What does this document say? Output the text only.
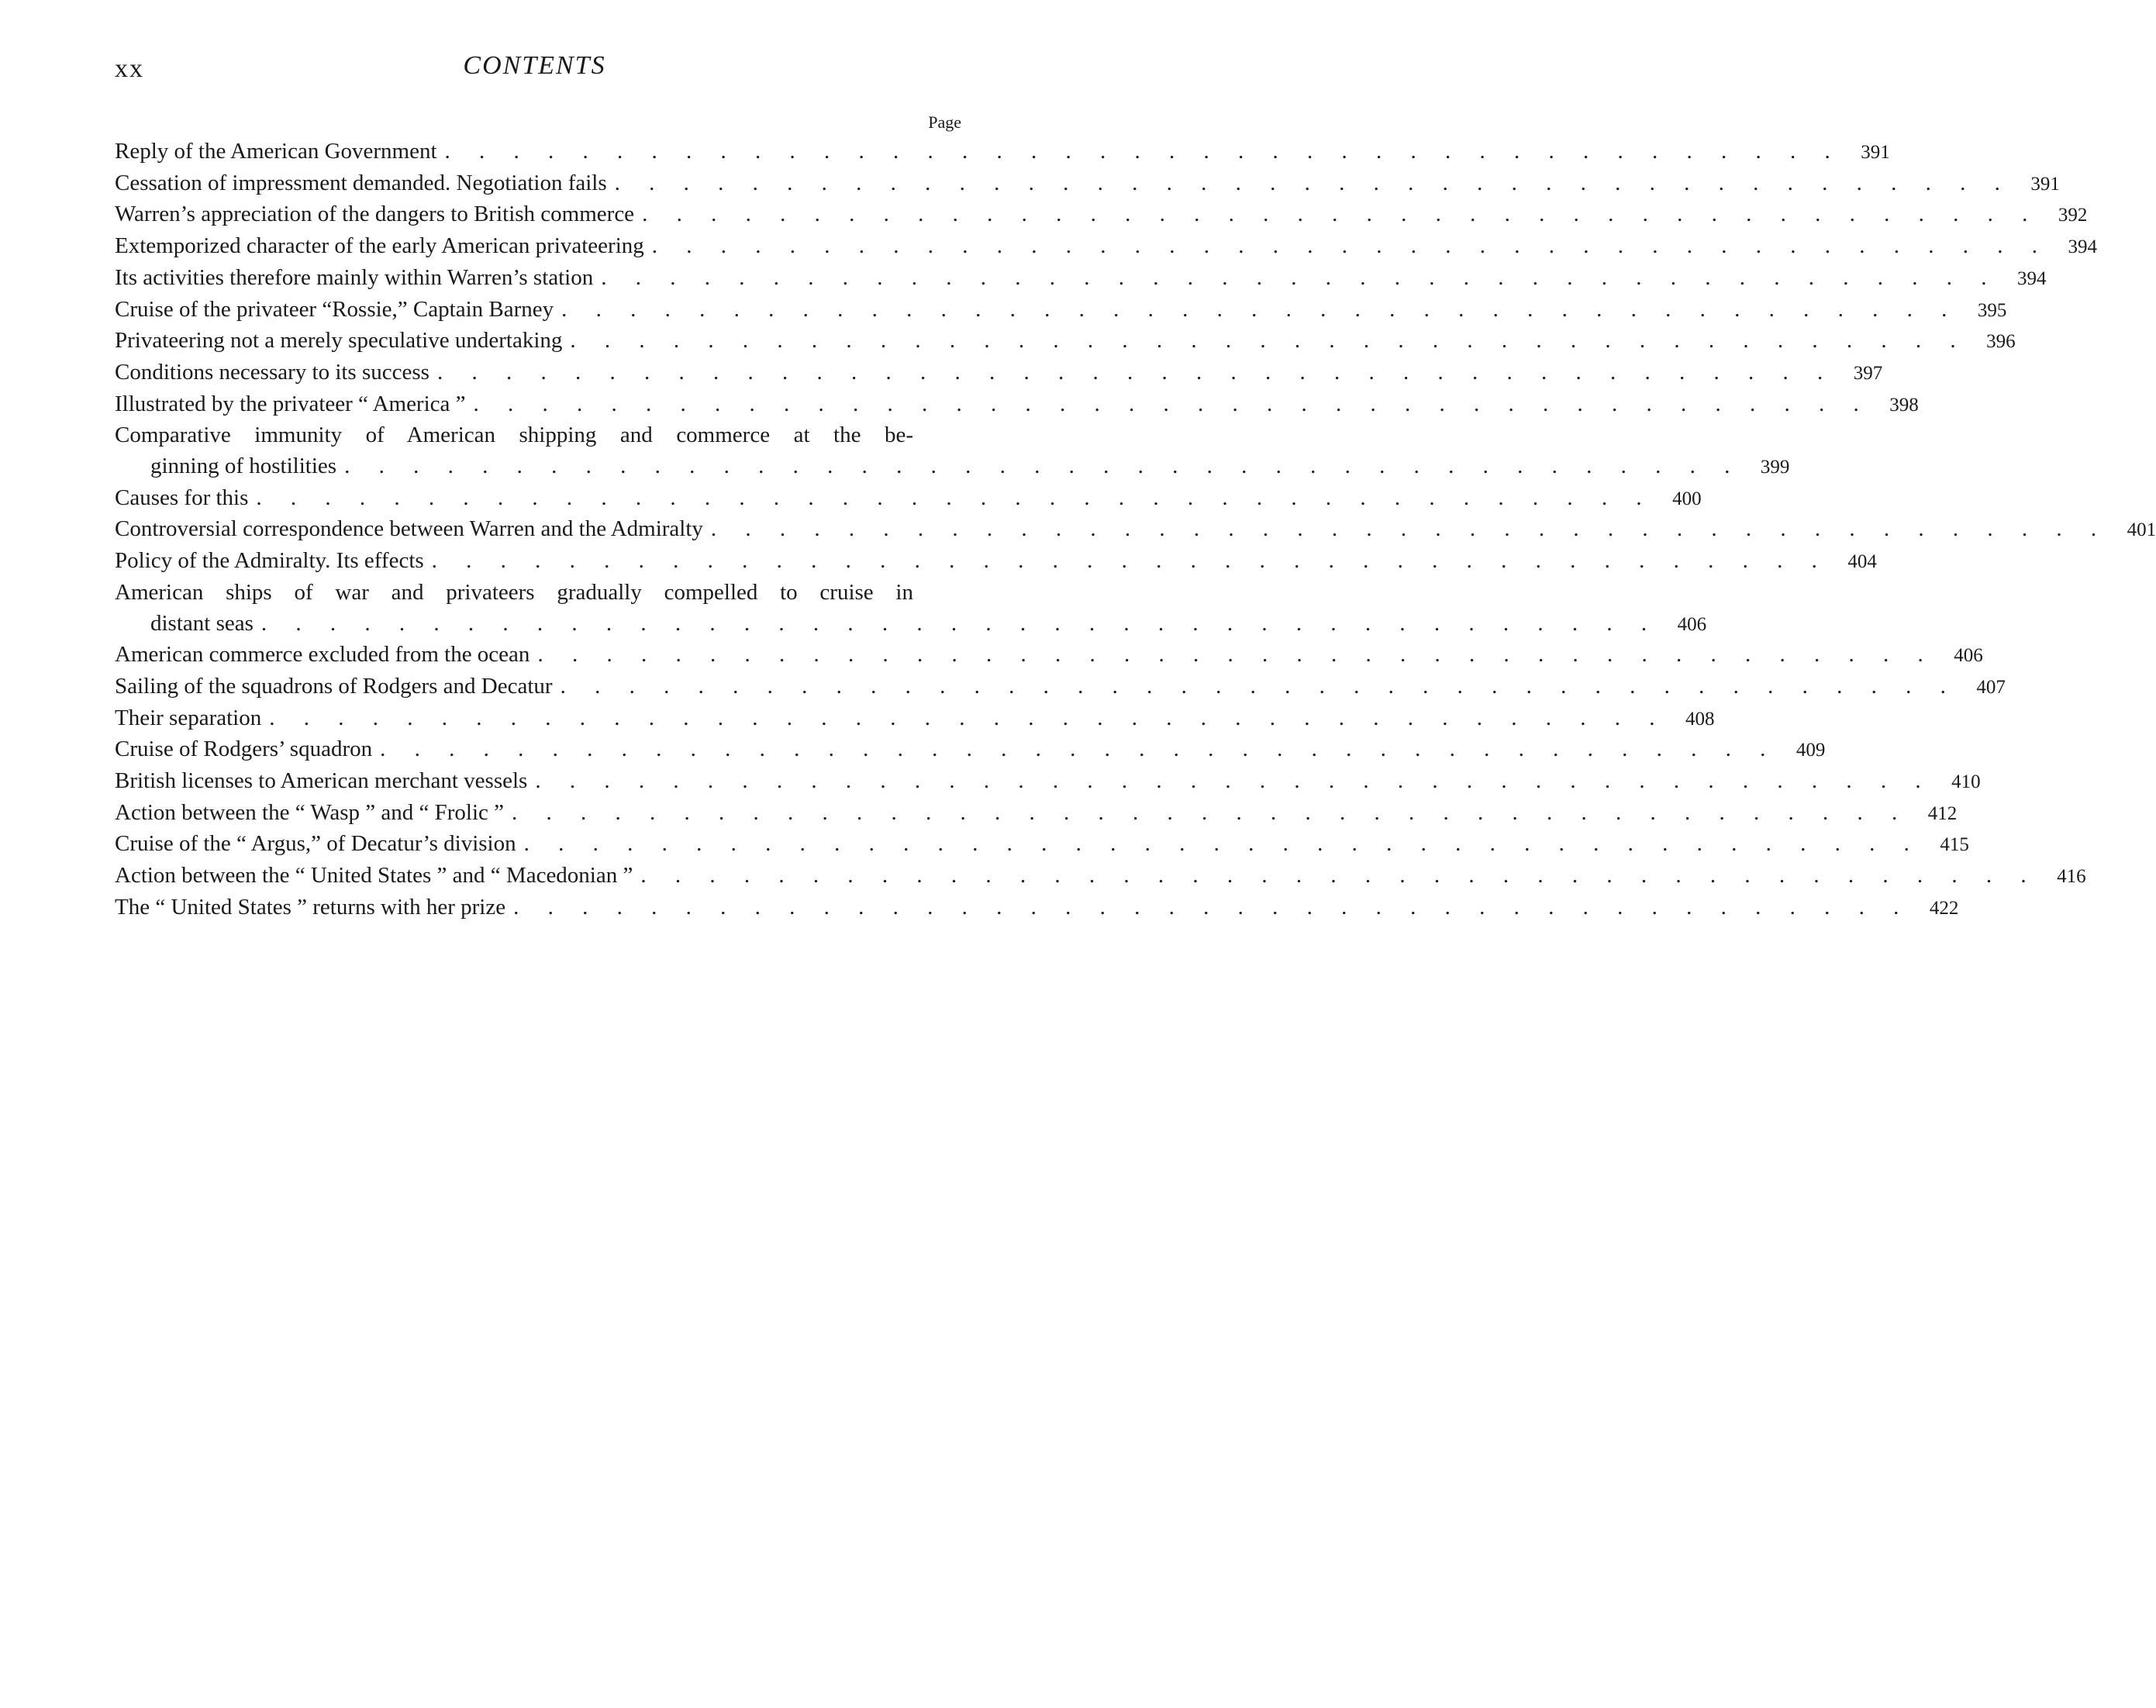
xx	CONTENTS
Page
Reply of the American Government . . . . . . . . . . . . . . . . . . . . . . . . . . . . . . . . . . . . . . . . . 391
Cessation of impressment demanded. Negotiation fails . . . . . . . . . . . . . . . . . . . . . . . . . . . . . . . . . . . . . . . . . 391
Warren’s appreciation of the dangers to British commerce . . . . . . . . . . . . . . . . . . . . . . . . . . . . . . . . . . . . . . . . . 392
Extemporized character of the early American privateering . . . . . . . . . . . . . . . . . . . . . . . . . . . . . . . . . . . . . . . . . 394
Its activities therefore mainly within Warren’s station . . . . . . . . . . . . . . . . . . . . . . . . . . . . . . . . . . . . . . . . . 394
Cruise of the privateer “Rossie,” Captain Barney . . . . . . . . . . . . . . . . . . . . . . . . . . . . . . . . . . . . . . . . . 395
Privateering not a merely speculative undertaking . . . . . . . . . . . . . . . . . . . . . . . . . . . . . . . . . . . . . . . . . 396
Conditions necessary to its success . . . . . . . . . . . . . . . . . . . . . . . . . . . . . . . . . . . . . . . . . 397
Illustrated by the privateer “ America ” . . . . . . . . . . . . . . . . . . . . . . . . . . . . . . . . . . . . . . . . . 398
Comparative immunity of American shipping and commerce at the be-
ginning of hostilities . . . . . . . . . . . . . . . . . . . . . . . . . . . . . . . . . . . . . . . . . 399
Causes for this . . . . . . . . . . . . . . . . . . . . . . . . . . . . . . . . . . . . . . . . . 400
Controversial correspondence between Warren and the Admiralty . . . . . . . . . . . . . . . . . . . . . . . . . . . . . . . . . . . . . . . . . 401
Policy of the Admiralty. Its effects . . . . . . . . . . . . . . . . . . . . . . . . . . . . . . . . . . . . . . . . . 404
American ships of war and privateers gradually compelled to cruise in
distant seas . . . . . . . . . . . . . . . . . . . . . . . . . . . . . . . . . . . . . . . . . 406
American commerce excluded from the ocean . . . . . . . . . . . . . . . . . . . . . . . . . . . . . . . . . . . . . . . . . 406
Sailing of the squadrons of Rodgers and Decatur . . . . . . . . . . . . . . . . . . . . . . . . . . . . . . . . . . . . . . . . . 407
Their separation . . . . . . . . . . . . . . . . . . . . . . . . . . . . . . . . . . . . . . . . . 408
Cruise of Rodgers’ squadron . . . . . . . . . . . . . . . . . . . . . . . . . . . . . . . . . . . . . . . . . 409
British licenses to American merchant vessels . . . . . . . . . . . . . . . . . . . . . . . . . . . . . . . . . . . . . . . . . 410
Action between the “ Wasp ” and “ Frolic ” . . . . . . . . . . . . . . . . . . . . . . . . . . . . . . . . . . . . . . . . . 412
Cruise of the “ Argus,” of Decatur’s division . . . . . . . . . . . . . . . . . . . . . . . . . . . . . . . . . . . . . . . . . 415
Action between the “ United States ” and “ Macedonian ” . . . . . . . . . . . . . . . . . . . . . . . . . . . . . . . . . . . . . . . . . 416
The “ United States ” returns with her prize . . . . . . . . . . . . . . . . . . . . . . . . . . . . . . . . . . . . . . . . . 422
